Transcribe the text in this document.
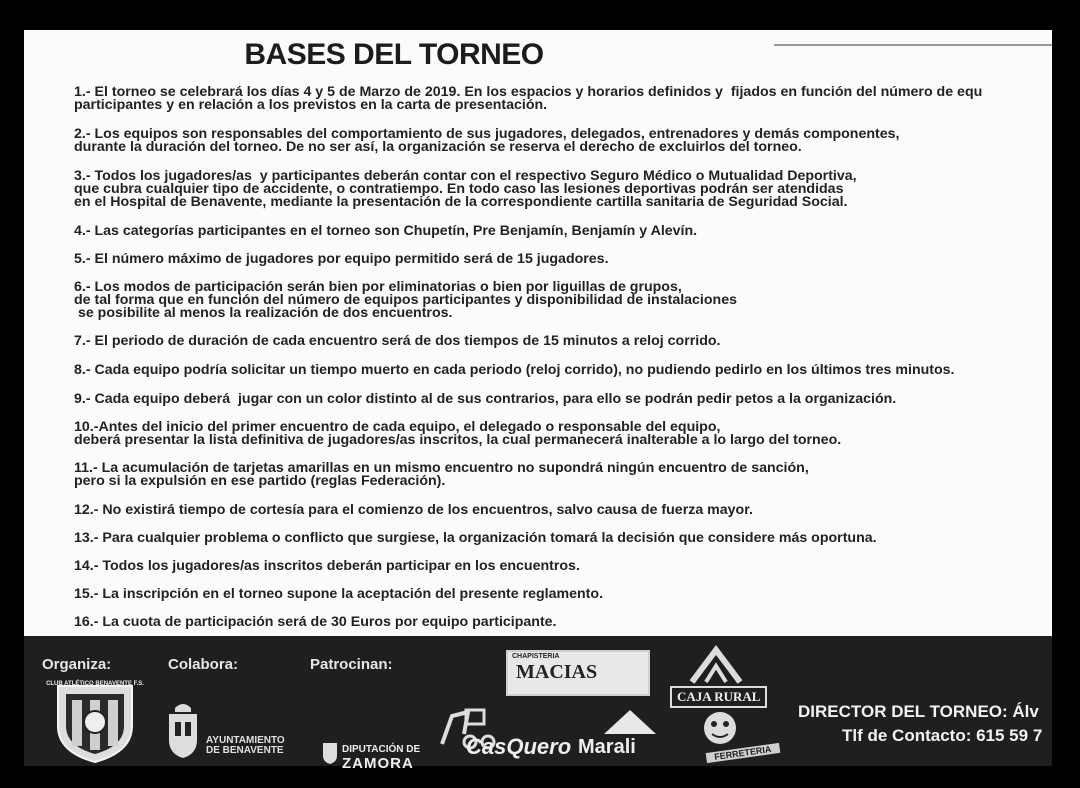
BASES DEL TORNEO
1.- El torneo se celebrará los días 4 y 5 de Marzo de 2019. En los espacios y horarios definidos y  fijados en función del número de equ
participantes y en relación a los previstos en la carta de presentación.
2.- Los equipos son responsables del comportamiento de sus jugadores, delegados, entrenadores y demás componentes,
durante la duración del torneo. De no ser así, la organización se reserva el derecho de excluirlos del torneo.
3.- Todos los jugadores/as  y participantes deberán contar con el respectivo Seguro Médico o Mutualidad Deportiva,
que cubra cualquier tipo de accidente, o contratiempo. En todo caso las lesiones deportivas podrán ser atendidas
en el Hospital de Benavente, mediante la presentación de la correspondiente cartilla sanitaria de Seguridad Social.
4.- Las categorías participantes en el torneo son Chupetín, Pre Benjamín, Benjamín y Alevín.
5.- El número máximo de jugadores por equipo permitido será de 15 jugadores.
6.- Los modos de participación serán bien por eliminatorias o bien por liguillas de grupos,
de tal forma que en función del número de equipos participantes y disponibilidad de instalaciones
se posibilite al menos la realización de dos encuentros.
7.- El periodo de duración de cada encuentro será de dos tiempos de 15 minutos a reloj corrido.
8.- Cada equipo podría solicitar un tiempo muerto en cada periodo (reloj corrido), no pudiendo pedirlo en los últimos tres minutos.
9.- Cada equipo deberá  jugar con un color distinto al de sus contrarios, para ello se podrán pedir petos a la organización.
10.-Antes del inicio del primer encuentro de cada equipo, el delegado o responsable del equipo,
deberá presentar la lista definitiva de jugadores/as inscritos, la cual permanecerá inalterable a lo largo del torneo.
11.- La acumulación de tarjetas amarillas en un mismo encuentro no supondrá ningún encuentro de sanción,
pero si la expulsión en ese partido (reglas Federación).
12.- No existirá tiempo de cortesía para el comienzo de los encuentros, salvo causa de fuerza mayor.
13.- Para cualquier problema o conflicto que surgiese, la organización tomará la decisión que considere más oportuna.
14.- Todos los jugadores/as inscritos deberán participar en los encuentros.
15.- La inscripción en el torneo supone la aceptación del presente reglamento.
16.- La cuota de participación será de 30 Euros por equipo participante.
Organiza:	Colabora:	Patrocinan:
CLUB ATLÉTICO BENAVENTE F.S.
AYUNTAMIENTO
DE BENAVENTE	DIPUTACIÓN DE
ZAMORA
CHAPISTERIA
MACIAS
CAJA RURAL
CasQuero Marali	FERRETERIA
DIRECTOR DEL TORNEO: Álv
Tlf de Contacto: 615 59 7
